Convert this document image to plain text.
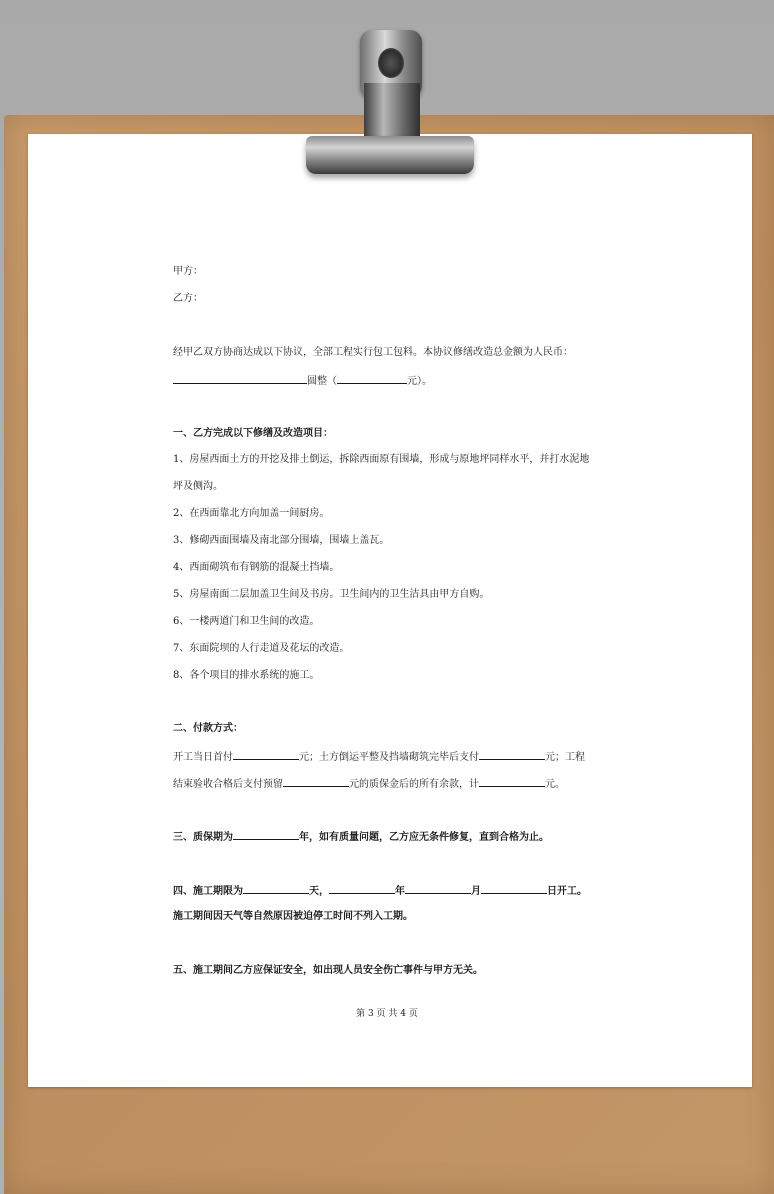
甲方：
乙方：
经甲乙双方协商达成以下协议，全部工程实行包工包料。本协议修缮改造总金额为人民币：
圆整（	元）。
一、乙方完成以下修缮及改造项目：
1、房屋西面土方的开挖及排土倒运，拆除西面原有围墙，形成与原地坪同样水平，并打水泥地
坪及侧沟。
2、在西面靠北方向加盖一间厨房。
3、修砌西面围墙及南北部分围墙，围墙上盖瓦。
4、西面砌筑布有钢筋的混凝土挡墙。
5、房屋南面二层加盖卫生间及书房。卫生间内的卫生洁具由甲方自购。
6、一楼两道门和卫生间的改造。
7、东面院坝的人行走道及花坛的改造。
8、各个项目的排水系统的施工。
二、付款方式：
开工当日首付	元；土方倒运平整及挡墙砌筑完毕后支付	元；工程
结束验收合格后支付预留	元的质保金后的所有余款，计	元。
三、质保期为	年，如有质量问题，乙方应无条件修复，直到合格为止。
四、施工期限为	天，	年	月	日开工。
施工期间因天气等自然原因被迫停工时间不列入工期。
五、施工期间乙方应保证安全，如出现人员安全伤亡事件与甲方无关。
第 3 页 共 4 页
